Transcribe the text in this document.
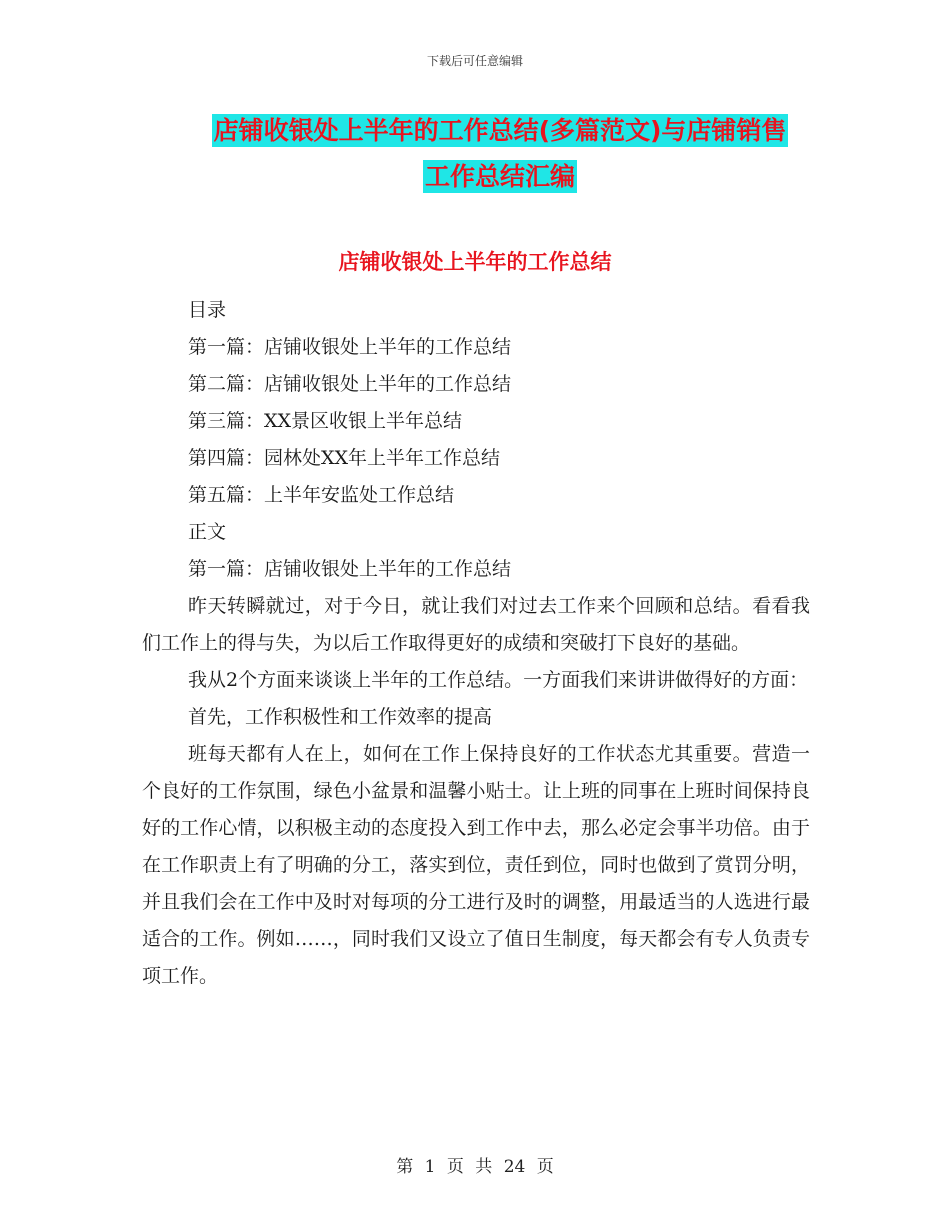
下载后可任意编辑
店铺收银处上半年的工作总结(多篇范文)与店铺销售
工作总结汇编
店铺收银处上半年的工作总结
目录
第一篇：店铺收银处上半年的工作总结
第二篇：店铺收银处上半年的工作总结
第三篇：XX景区收银上半年总结
第四篇：园林处XX年上半年工作总结
第五篇：上半年安监处工作总结
正文
第一篇：店铺收银处上半年的工作总结

昨天转瞬就过，对于今日，就让我们对过去工作来个回顾和总结。看看我们工作上的得与失，为以后工作取得更好的成绩和突破打下良好的基础。

我从2个方面来谈谈上半年的工作总结。一方面我们来讲讲做得好的方面：

首先，工作积极性和工作效率的提高

班每天都有人在上，如何在工作上保持良好的工作状态尤其重要。营造一个良好的工作氛围，绿色小盆景和温馨小贴士。让上班的同事在上班时间保持良好的工作心情，以积极主动的态度投入到工作中去，那么必定会事半功倍。由于在工作职责上有了明确的分工，落实到位，责任到位，同时也做到了赏罚分明，并且我们会在工作中及时对每项的分工进行及时的调整，用最适当的人选进行最适合的工作。例如……，同时我们又设立了值日生制度，每天都会有专人负责专项工作。

第 1 页 共 24 页
